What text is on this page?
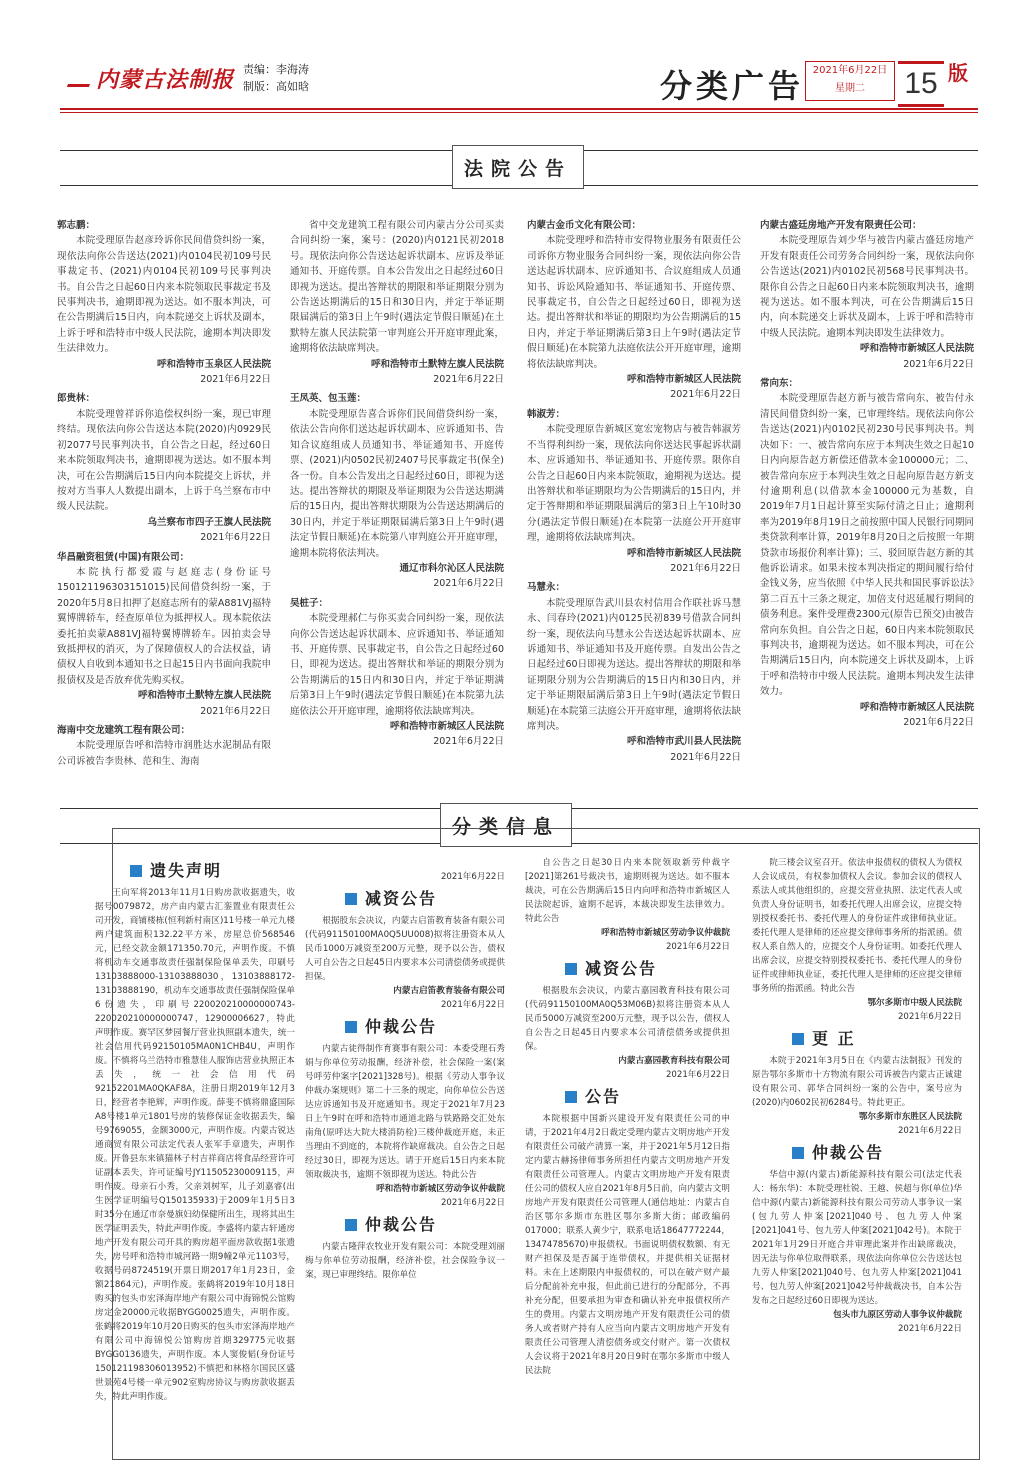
内蒙古法制报 责编：李海涛
制版：高如晗	分类广告 2021年6月22日
星期二	15 版
法院公告
郭志鹏：

本院受理原告赵彦玲诉你民间借贷纠纷一案，现依法向你公告送达(2021)内0104民初109号民事裁定书、(2021)内0104民初109号民事判决书。自公告之日起60日内来本院领取民事裁定书及民事判决书，逾期即视为送达。如不服本判决，可在公告期满后15日内，向本院递交上诉状及副本，上诉于呼和浩特市中级人民法院，逾期本判决即发生法律效力。

呼和浩特市玉泉区人民法院
2021年6月22日
郎贵林：

本院受理曾祥诉你追偿权纠纷一案，现已审理终结。现依法向你公告送达本院(2020)内0929民初2077号民事判决书，自公告之日起，经过60日来本院领取判决书，逾期即视为送达。如不服本判决，可在公告期满后15日内向本院提交上诉状，并按对方当事人人数提出副本，上诉于乌兰察布市中级人民法院。

乌兰察布市四子王旗人民法院
2021年6月22日
华昌融资租赁(中国)有限公司：

本院执行都爱霞与赵庭志(身份证号150121196303151015)民间借贷纠纷一案，于2020年5月8日扣押了赵庭志所有的蒙A881VJ福特翼博牌轿车，经查原单位为抵押权人。现本院依法委托拍卖蒙A881VJ福特翼博牌轿车。因拍卖会导致抵押权的消灭，为了保障债权人的合法权益，请债权人自收到本通知书之日起15日内书面向我院申报债权及是否放弃优先购买权。

呼和浩特市土默特左旗人民法院
2021年6月22日
海南中交龙建筑工程有限公司：

本院受理原告呼和浩特市润胜达水泥制品有限公司诉被告李贵林、范和生、海南

省中交龙建筑工程有限公司内蒙古分公司买卖合同纠纷一案，案号：(2020)内0121民初2018号。现依法向你公告送达起诉状副本、应诉及举证通知书、开庭传票。自本公告发出之日起经过60日即视为送达。提出答辩状的期限和举证期限分别为公告送达期满后的15日和30日内，并定于举证期限届满后的第3日上午9时(遇法定节假日顺延)在土默特左旗人民法院第一审判庭公开开庭审理此案，逾期将依法缺席判决。

呼和浩特市土默特左旗人民法院
2021年6月22日
王凤英、包玉莲：

本院受理原告喜合诉你们民间借贷纠纷一案，依法公告向你们送达起诉状副本、应诉通知书、告知合议庭组成人员通知书、举证通知书、开庭传票、(2021)内0502民初2407号民事裁定书(保全)各一份。自本公告发出之日起经过60日，即视为送达。提出答辩状的期限及举证期限为公告送达期满后的15日内，提出答辩状期限为公告送达期满后的30日内，并定于举证期限届满后第3日上午9时(遇法定节假日顺延)在本院第八审判庭公开开庭审理，逾期本院将依法判决。

通辽市科尔沁区人民法院
2021年6月22日
吴桩子：

本院受理郝仁与你买卖合同纠纷一案，现依法向你公告送达起诉状副本、应诉通知书、举证通知书、开庭传票、民事裁定书，自公告之日起经过60日，即视为送达。提出答辩状和举证的期限分别为公告期满后的15日内和30日内，并定于举证期满后第3日上午9时(遇法定节假日顺延)在本院第九法庭依法公开开庭审理，逾期将依法缺席判决。

呼和浩特市新城区人民法院
2021年6月22日
内蒙古金币文化有限公司：

本院受理呼和浩特市安得物业服务有限责任公司诉你方物业服务合同纠纷一案，现依法向你公告送达起诉状副本、应诉通知书、合议庭组成人员通知书、诉讼风险通知书、举证通知书、开庭传票、民事裁定书，自公告之日起经过60日，即视为送达。提出答辩状和举证的期限均为公告期满后的15日内，并定于举证期满后第3日上午9时(遇法定节假日顺延)在本院第九法庭依法公开开庭审理，逾期将依法缺席判决。

呼和浩特市新城区人民法院
2021年6月22日
韩淑芳：

本院受理原告新城区宽宏宠物店与被告韩淑芳不当得利纠纷一案，现依法向你送达民事起诉状副本、应诉通知书、举证通知书、开庭传票。限你自公告之日起60日内来本院领取，逾期视为送达。提出答辩状和举证期限均为公告期满后的15日内，并定于答辩期和举证期限届满后的第3日上午10时30分(遇法定节假日顺延)在本院第一法庭公开开庭审理，逾期将依法缺席判决。

呼和浩特市新城区人民法院
2021年6月22日
马慧永：

本院受理原告武川县农村信用合作联社诉马慧永、闫春玲(2021)内0125民初839号借款合同纠纷一案，现依法向马慧永公告送达起诉状副本、应诉通知书、举证通知书及开庭传票。自发出公告之日起经过60日即视为送达。提出答辩状的期限和举证期限分别为公告期满后的15日内和30日内，并定于举证期限届满后第3日上午9时(遇法定节假日顺延)在本院第三法庭公开开庭审理，逾期将依法缺席判决。

呼和浩特市武川县人民法院
2021年6月22日
内蒙古盛廷房地产开发有限责任公司：

本院受理原告刘少华与被告内蒙古盛廷房地产开发有限责任公司劳务合同纠纷一案，现依法向你公告送达(2021)内0102民初568号民事判决书。限你自公告之日起60日内来本院领取判决书，逾期视为送达。如不服本判决，可在公告期满后15日内，向本院递交上诉状及副本，上诉于呼和浩特市中级人民法院。逾期本判决即发生法律效力。

呼和浩特市新城区人民法院
2021年6月22日
常向东：

本院受理原告赵方新与被告常向东、被告付永清民间借贷纠纷一案，已审理终结。现依法向你公告送达(2021)内0102民初230号民事判决书。判决如下：一、被告常向东应于本判决生效之日起10日内向原告赵方新偿还借款本金100000元；二、被告常向东应于本判决生效之日起向原告赵方新支付逾期利息(以借款本金100000元为基数，自2019年7月1日起计算至实际付清之日止；逾期利率为2019年8月19日之前按照中国人民银行同期同类贷款利率计算，2019年8月20日之后按照一年期贷款市场报价利率计算)；三、驳回原告赵方新的其他诉讼请求。如果未按本判决指定的期间履行给付金钱义务，应当依照《中华人民共和国民事诉讼法》第二百五十三条之规定，加倍支付迟延履行期间的债务利息。案件受理费2300元(原告已预交)由被告常向东负担。自公告之日起，60日内来本院领取民事判决书，逾期视为送达。如不服本判决，可在公告期满后15日内，向本院递交上诉状及副本，上诉于呼和浩特市中级人民法院。逾期本判决发生法律效力。

呼和浩特市新城区人民法院
2021年6月22日
分类信息
遗失声明

王向军将2013年11月1日购房款收据遗失，收据号0079872，房产由内蒙古汇銮置业有限责任公司开发，商铺楼栋(恒利新村南区)11号楼一单元九楼两户建筑面积132.22平方米，房屋总价568546元，已经交款金额171350.70元，声明作废。不慎将机动车交通事故责任强制保险保单丢失，印刷号13103888000-13103888030，13103888172-13103888190，机动车交通事故责任强制保险保单6份遗失，印刷号220020210000000743-220020210000000747，12900006627，特此声明作废。赛罕区梦园餐厅营业执照副本遗失，统一社会信用代码92150105MA0N1CHB4U，声明作废。不慎将乌兰浩特市雅慧佳人服饰店营业执照正本丢失，统一社会信用代码92152201MA0QKAF8A，注册日期2019年12月3日，经营者李艳辉，声明作废。薛斐不慎将鼎盛国际A8号楼1单元1801号房的装修保证金收据丢失，编号9769055，金额3000元，声明作废。内蒙古锐达通商贸有限公司法定代表人张军手章遗失，声明作废。开鲁县东来镇猫林子村吉祥商店将食品经营许可证副本丢失，许可证编号JY11505230009115，声明作废。母亲石小秀，父亲刘树军，儿子刘嘉睿(出生医学证明编号Q150135933)于2009年1月5日3时35分在通辽市奈曼旗妇幼保健所出生，现将其出生医学证明丢失，特此声明作废。李盛将内蒙古轩通房地产开发有限公司开具的购房超平面房款收据1张遗失，房号呼和浩特市城河路一期9幢2单元1103号，收据号码8724519(开票日期2017年1月23日，金额21864元)，声明作废。张鹤将2019年10月18日购买的包头市宏泽海岸地产有限公司中海锦悦公馆购房定金20000元收据BYGG0025遗失，声明作废。张鹤将2019年10月20日购买的包头市宏泽海岸地产有限公司中海锦悦公馆购房首期329775元收据BYGG0136遗失，声明作废。本人窦俊韬(身份证号150121198306013952)不慎把和林格尔国民区盛世景苑4号楼一单元902室购房协议与购房款收据丢失，特此声明作废。

2021年6月22日
减资公告

根据股东会决议，内蒙古启笛教育装备有限公司(代码91150100MA0Q5UU008)拟将注册资本从人民币1000万减资至200万元整，现予以公告，债权人可自公告之日起45日内要求本公司清偿债务或提供担保。

内蒙古启笛教育装备有限公司
2021年6月22日
仲裁公告

内蒙古徒得制作育赛事有限公司：本委受理石秀娟与你单位劳动报酬，经济补偿，社会保险一案(案号呼劳仲案字[2021]328号)。根据《劳动人事争议仲裁办案规则》第二十三条的规定，向你单位公告送达应诉通知书及开庭通知书。现定于2021年7月23日上午9时在呼和浩特市通道北路与铁路路交汇处东南角(原呼达大院大楼消防栓)三楼仲裁庭开庭，未正当理由不到庭的，本院将作缺席裁决。自公告之日起经过30日，即视为送达。请于开庭后15日内来本院领取裁决书，逾期不领即视为送达。特此公告

呼和浩特市新城区劳动争议仲裁院
2021年6月22日
仲裁公告

内蒙古隆萍农牧业开发有限公司：本院受理刘丽梅与你单位劳动报酬，经济补偿，社会保险争议一案，现已审理终结。限你单位

自公告之日起30日内来本院领取新劳仲裁字[2021]第261号裁决书，逾期则视为送达。如不服本裁决，可在公告期满后15日内向呼和浩特市新城区人民法院起诉，逾期不起诉，本裁决即发生法律效力。特此公告

呼和浩特市新城区劳动争议仲裁院
2021年6月22日
减资公告

根据股东会决议，内蒙古嘉园教育科技有限公司(代码91150100MA0Q53M06B)拟将注册资本从人民币5000万减资至200万元整，现予以公告，债权人自公告之日起45日内要求本公司清偿债务或提供担保。

内蒙古嘉园教育科技有限公司
2021年6月22日
公告

本院根据中国新兴建设开发有限责任公司的申请，于2021年4月2日裁定受理内蒙古文明房地产开发有限责任公司破产清算一案，并于2021年5月12日指定内蒙古赫扬律师事务所担任内蒙古文明房地产开发有限责任公司管理人。内蒙古文明房地产开发有限责任公司的债权人应自2021年8月5日前，向内蒙古文明房地产开发有限责任公司管理人(通信地址：内蒙古自治区鄂尔多斯市东胜区鄂尔多斯大街；邮政编码017000；联系人黄少宁，联系电话18647772244，13474785670)申报债权。书面说明债权数额、有无财产担保及是否属于连带债权，并提供相关证据材料。未在上述期限内申报债权的，可以在破产财产最后分配前补充申报，但此前已进行的分配部分，不再补充分配，但要承担为审查和确认补充申报债权所产生的费用。内蒙古文明房地产开发有限责任公司的债务人或者财产持有人应当向内蒙古文明房地产开发有限责任公司管理人清偿债务或交付财产。第一次债权人会议将于2021年8月20日9时在鄂尔多斯市中级人民法院

院三楼会议室召开。依法申报债权的债权人为债权人会议成员，有权参加债权人会议。参加会议的债权人系法人或其他组织的，应提交营业执照、法定代表人或负责人身份证明书，如委托代理人出席会议，应提交特别授权委托书、委托代理人的身份证件或律师执业证。委托代理人是律师的还应提交律师事务所的指派函。债权人系自然人的，应提交个人身份证明。如委托代理人出席会议，应提交特别授权委托书、委托代理人的身份证件或律师执业证，委托代理人是律师的还应提交律师事务所的指派函。特此公告

鄂尔多斯市中级人民法院
2021年6月22日
更 正

本院于2021年3月5日在《内蒙古法制报》刊发的原告鄂尔多斯市十方物流有限公司诉被告内蒙古正诚建设有限公司、郭华合同纠纷一案的公告中，案号应为(2020)内0602民初6284号。特此更正。

鄂尔多斯市东胜区人民法院
2021年6月22日
仲裁公告

华信中源(内蒙古)新能源科技有限公司(法定代表人：杨东华)：本院受理杜锐、王越、侯超与你(单位)华信中源(内蒙古)新能源科技有限公司劳动人事争议一案(包九劳人仲案[2021]040号、包九劳人仲案[2021]041号、包九劳人仲案[2021]042号)。本院于2021年1月29日开庭合并审理此案并作出缺席裁决，因无法与你单位取得联系，现依法向你单位公告送达包九劳人仲案[2021]040号、包九劳人仲案[2021]041号、包九劳人仲案[2021]042号仲裁裁决书，自本公告发布之日起经过60日即视为送达。

包头市九原区劳动人事争议仲裁院
2021年6月22日
